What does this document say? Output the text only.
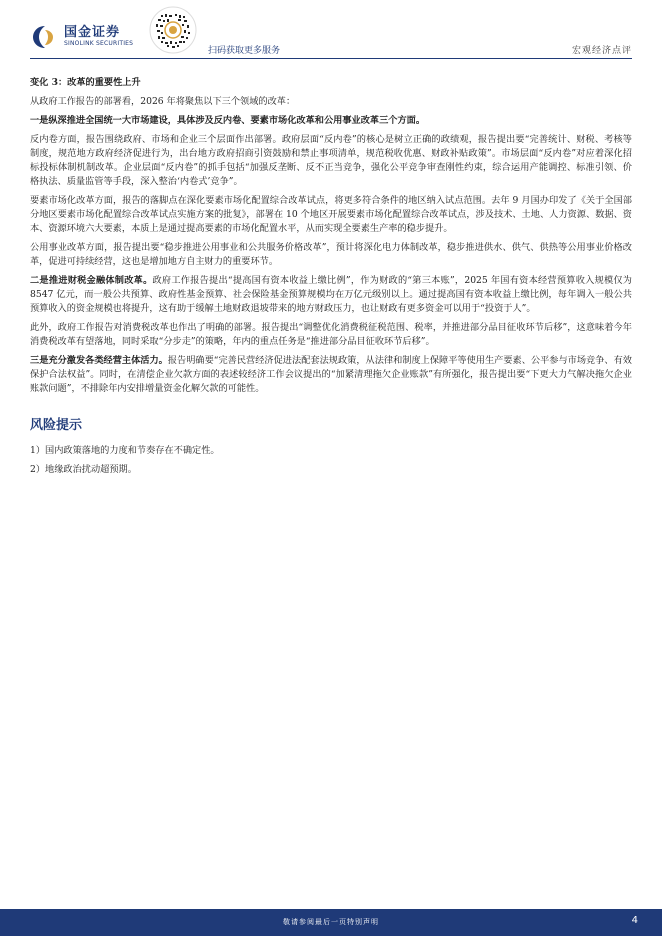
国金证券
SINOLINK SECURITIES
扫码获取更多服务	宏观经济点评

变化 3：改革的重要性上升

从政府工作报告的部署看，2026 年将聚焦以下三个领域的改革：

一是纵深推进全国统一大市场建设，具体涉及反内卷、要素市场化改革和公用事业改革三个方面。

反内卷方面，报告围绕政府、市场和企业三个层面作出部署。政府层面“反内卷”的核心是树立正确的政绩观，报告提出要“完善统计、财税、考核等制度，规范地方政府经济促进行为，出台地方政府招商引资鼓励和禁止事项清单，规范税收优惠、财政补贴政策”。市场层面“反内卷”对应着深化招标投标体制机制改革。企业层面“反内卷”的抓手包括“加强反垄断、反不正当竞争，强化公平竞争审查刚性约束，综合运用产能调控、标准引领、价格执法、质量监管等手段，深入整治‘内卷式’竞争”。

要素市场化改革方面，报告的落脚点在深化要素市场化配置综合改革试点，将更多符合条件的地区纳入试点范围。去年 9 月国办印发了《关于全国部分地区要素市场化配置综合改革试点实施方案的批复》，部署在 10 个地区开展要素市场化配置综合改革试点，涉及技术、土地、人力资源、数据、资本、资源环境六大要素，本质上是通过提高要素的市场化配置水平，从而实现全要素生产率的稳步提升。

公用事业改革方面，报告提出要“稳步推进公用事业和公共服务价格改革”，预计将深化电力体制改革，稳步推进供水、供气、供热等公用事业价格改革，促进可持续经营，这也是增加地方自主财力的重要环节。

二是推进财税金融体制改革。政府工作报告提出“提高国有资本收益上缴比例”，作为财政的“第三本账”，2025 年国有资本经营预算收入规模仅为 8547 亿元，而一般公共预算、政府性基金预算、社会保险基金预算规模均在万亿元级别以上。通过提高国有资本收益上缴比例，每年调入一般公共预算收入的资金规模也将提升，这有助于缓解土地财政退坡带来的地方财政压力，也让财政有更多资金可以用于“投资于人”。

此外，政府工作报告对消费税改革也作出了明确的部署。报告提出“调整优化消费税征税范围、税率，并推进部分品目征收环节后移”，这意味着今年消费税改革有望落地，同时采取“分步走”的策略，年内的重点任务是“推进部分品目征收环节后移”。

三是充分激发各类经营主体活力。报告明确要“完善民营经济促进法配套法规政策，从法律和制度上保障平等使用生产要素、公平参与市场竞争、有效保护合法权益”。同时，在清偿企业欠款方面的表述较经济工作会议提出的“加紧清理拖欠企业账款”有所强化，报告提出要“下更大力气解决拖欠企业账款问题”，不排除年内安排增量资金化解欠款的可能性。

风险提示

1）国内政策落地的力度和节奏存在不确定性。

2）地缘政治扰动超预期。

敬请参阅最后一页特别声明	4
